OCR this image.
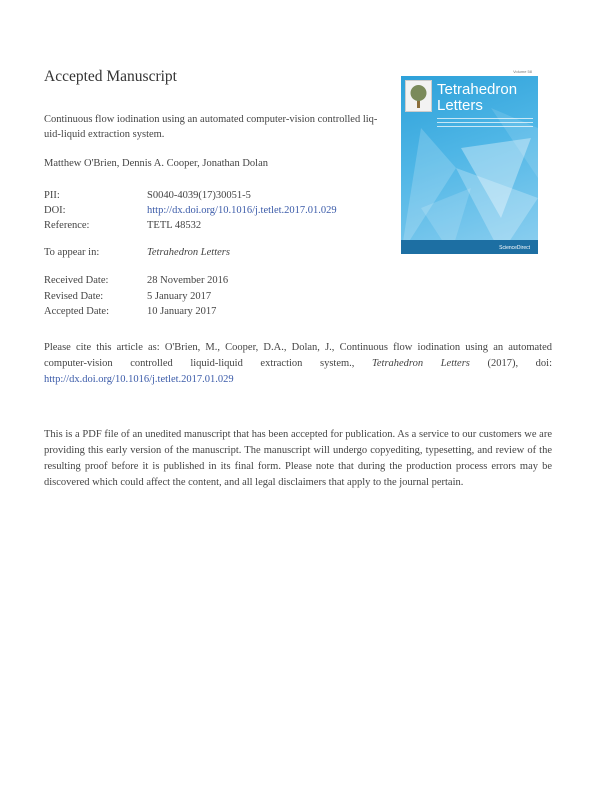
Accepted Manuscript
Continuous flow iodination using an automated computer-vision controlled liq-
uid-liquid extraction system.
Matthew O'Brien, Dennis A. Cooper, Jonathan Dolan
PII:	S0040-4039(17)30051-5
DOI:	http://dx.doi.org/10.1016/j.tetlet.2017.01.029
Reference:	TETL 48532
To appear in:	Tetrahedron Letters
Received Date:	28 November 2016
Revised Date:	5 January 2017
Accepted Date:	10 January 2017
Please cite this article as: O'Brien, M., Cooper, D.A., Dolan, J., Continuous flow iodination using an automated computer-vision controlled liquid-liquid extraction system., Tetrahedron Letters (2017), doi: http://dx.doi.org/10.1016/j.tetlet.2017.01.029
This is a PDF file of an unedited manuscript that has been accepted for publication. As a service to our customers we are providing this early version of the manuscript. The manuscript will undergo copyediting, typesetting, and review of the resulting proof before it is published in its final form. Please note that during the production process errors may be discovered which could affect the content, and all legal disclaimers that apply to the journal pertain.
Volume 58
Tetrahedron
Letters
ScienceDirect
